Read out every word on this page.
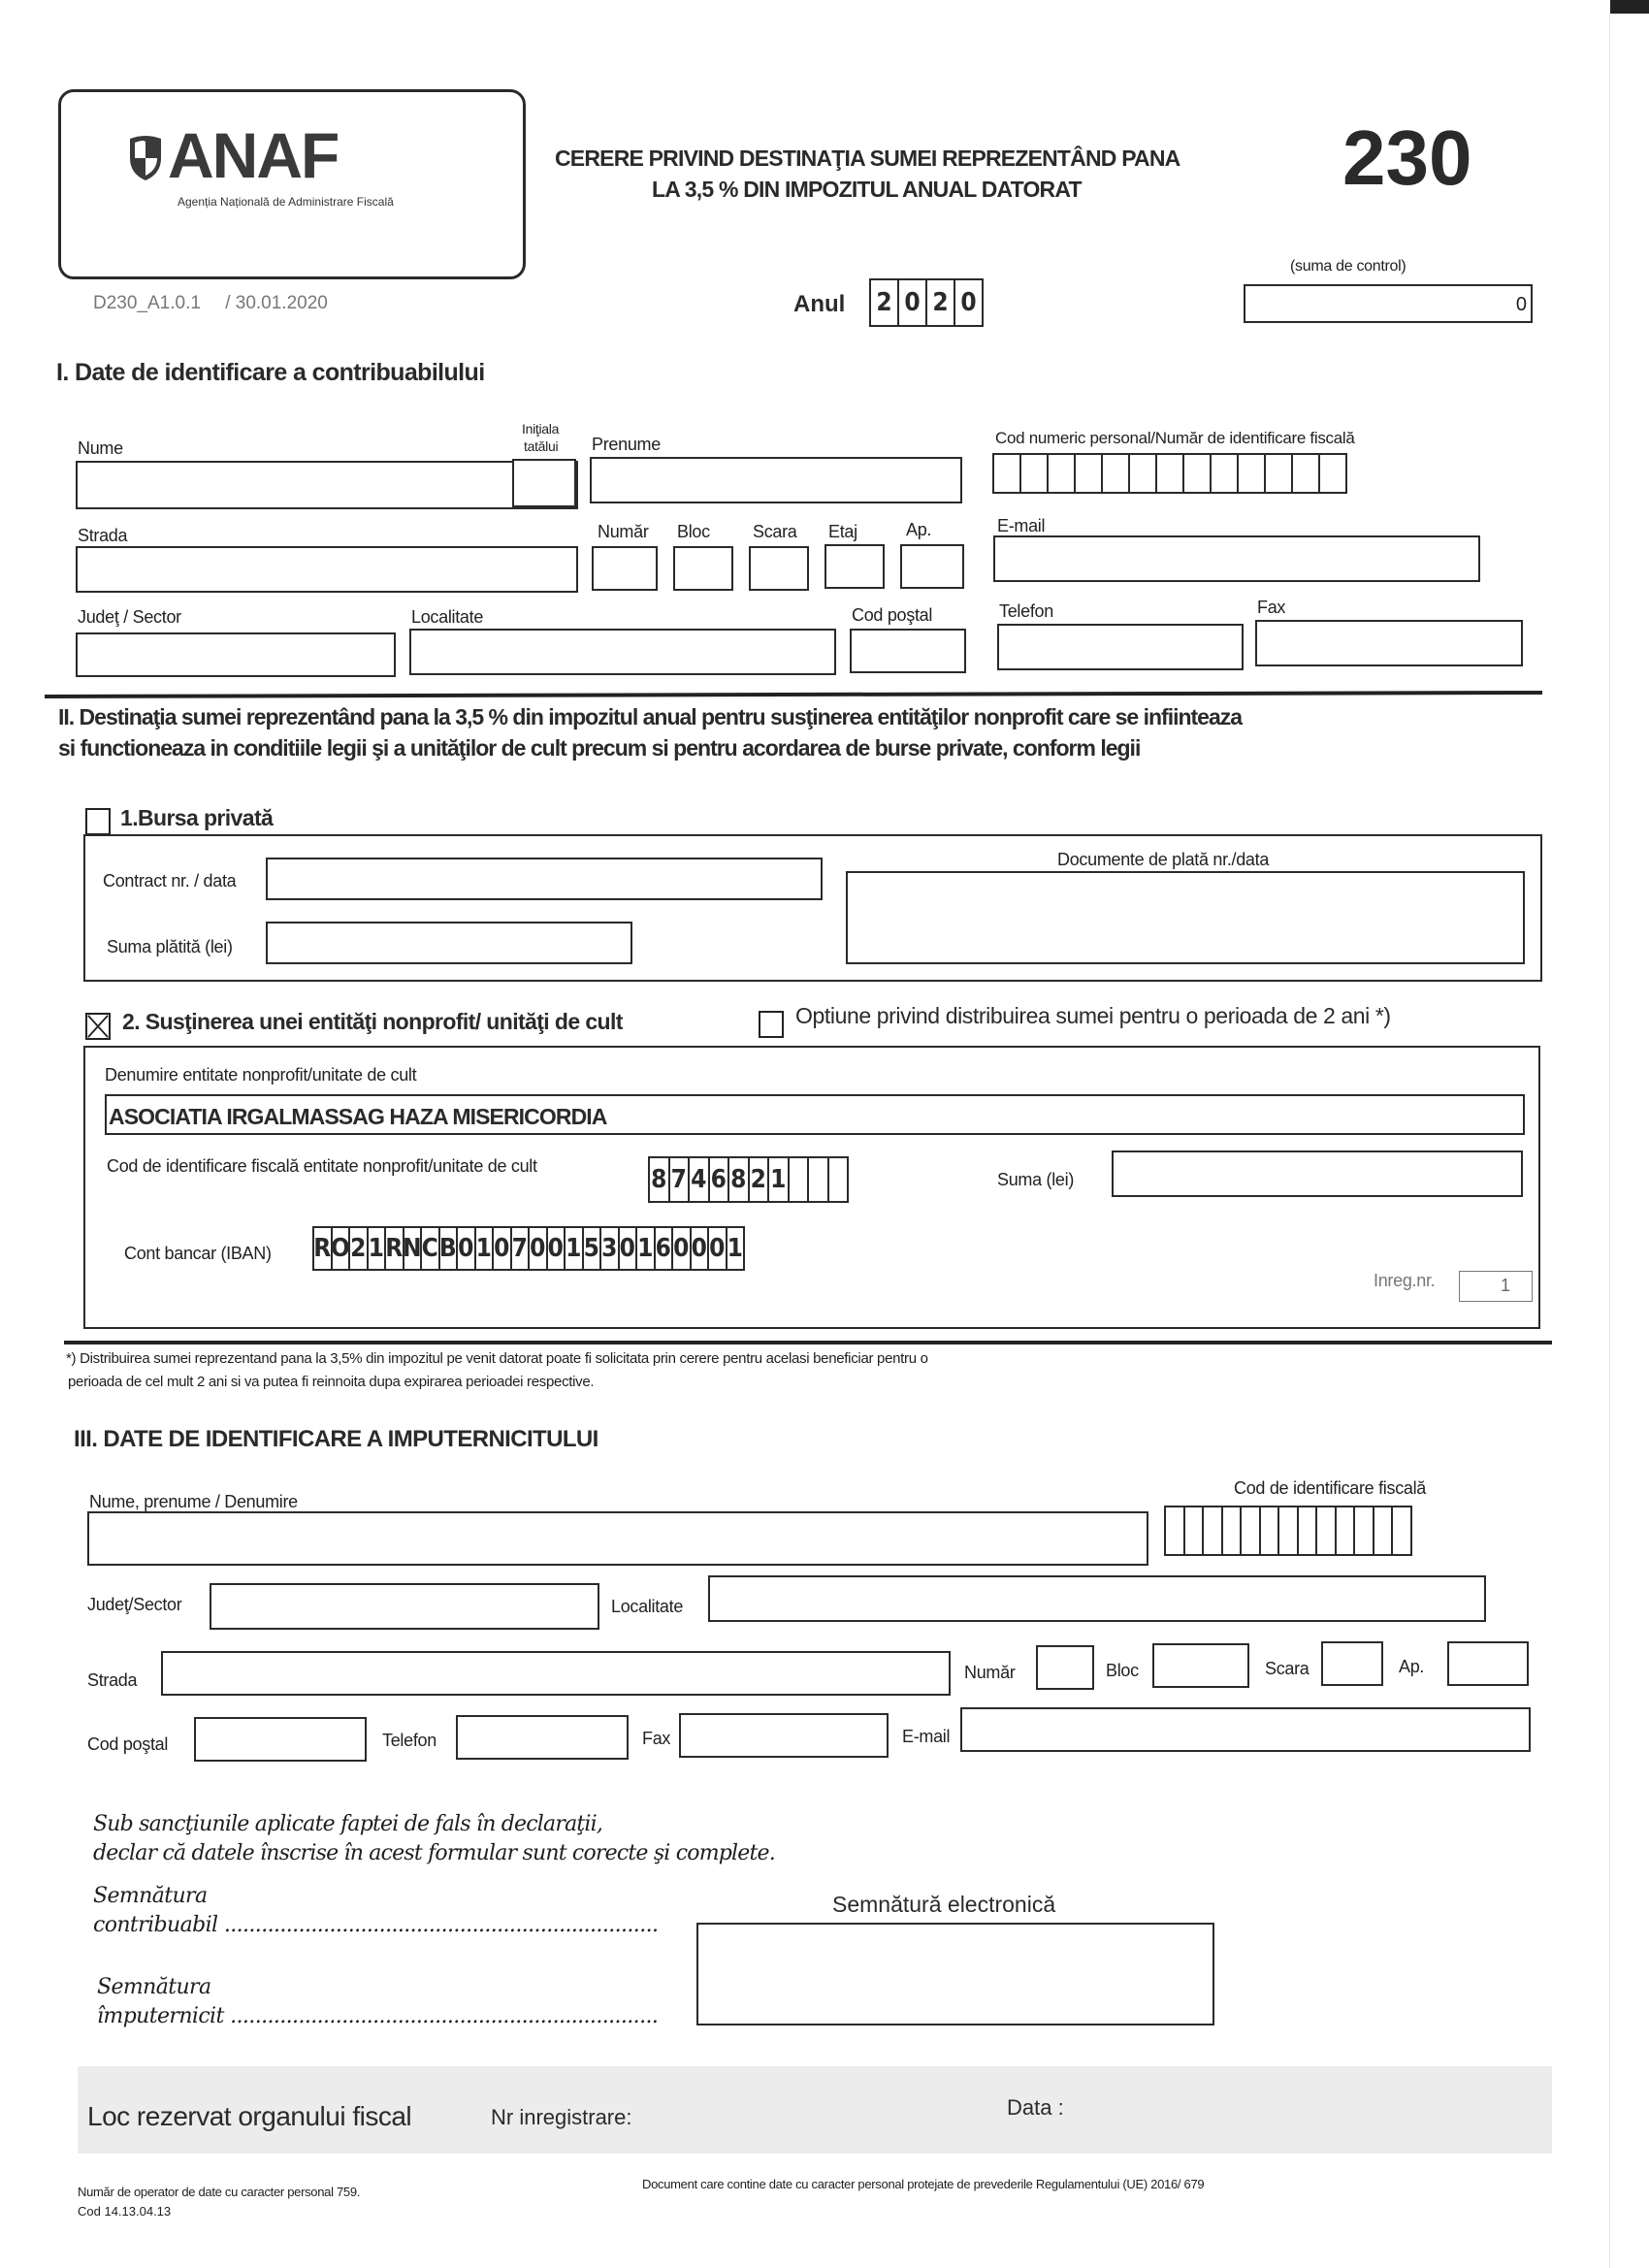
ANAF
Agenția Națională de Administrare Fiscală
CERERE PRIVIND DESTINAŢIA SUMEI REPREZENTÂND PANA
LA 3,5 % DIN IMPOZITUL ANUAL DATORAT	230
D230_A1.0.1 / 30.01.2020	Anul 2 0 2 0
(suma de control)
0
I. Date de identificare a contribuabilului
Nume
Iniţiala
tatălui Prenume	Cod numeric personal/Număr de identificare fiscală
Strada	Număr Bloc Scara Etaj	Ap.	E-mail
Judeţ / Sector	Localitate	Cod poştal	Telefon	Fax
II. Destinaţia sumei reprezentând pana la 3,5 % din impozitul anual pentru susţinerea entităţilor nonprofit care se infiinteaza
si functioneaza in conditiile legii şi a unităţilor de cult precum si pentru acordarea de burse private, conform legii
1.Bursa privată
Contract nr. / data
Suma plătită (lei)
Documente de plată nr./data
2. Susţinerea unei entităţi nonprofit/ unităţi de cult	Optiune privind distribuirea sumei pentru o perioada de 2 ani *)
Denumire entitate nonprofit/unitate de cult
ASOCIATIA IRGALMASSAG HAZA MISERICORDIA
Cod de identificare fiscală entitate nonprofit/unitate de cult	8 7 4 6 8 2 1	Suma (lei)
Cont bancar (IBAN) R O 2 1 R N C B 0 1 0 7 0 0 1 5 3 0 1 6 0 0 0 1
Inreg.nr.	1
*) Distribuirea sumei reprezentand pana la 3,5% din impozitul pe venit datorat poate fi solicitata prin cerere pentru acelasi beneficiar pentru o
perioada de cel mult 2 ani si va putea fi reinnoita dupa expirarea perioadei respective.
III. DATE DE IDENTIFICARE A IMPUTERNICITULUI
Nume, prenume / Denumire
Cod de identificare fiscală
Judeţ/Sector	Localitate
Strada	Număr	Bloc	Scara	Ap.
Cod poştal	Telefon	Fax	E-mail
Sub sancţiunile aplicate faptei de fals în declaraţii,
declar că datele înscrise în acest formular sunt corecte şi complete.
Semnătura
contribuabil ......................................................................
Semnătura
împuternicit .....................................................................
Semnătură electronică
Loc rezervat organului fiscal	Nr inregistrare:	Data :
Număr de operator de date cu caracter personal 759.
Cod 14.13.04.13
Document care contine date cu caracter personal protejate de prevederile Regulamentului (UE) 2016/ 679
